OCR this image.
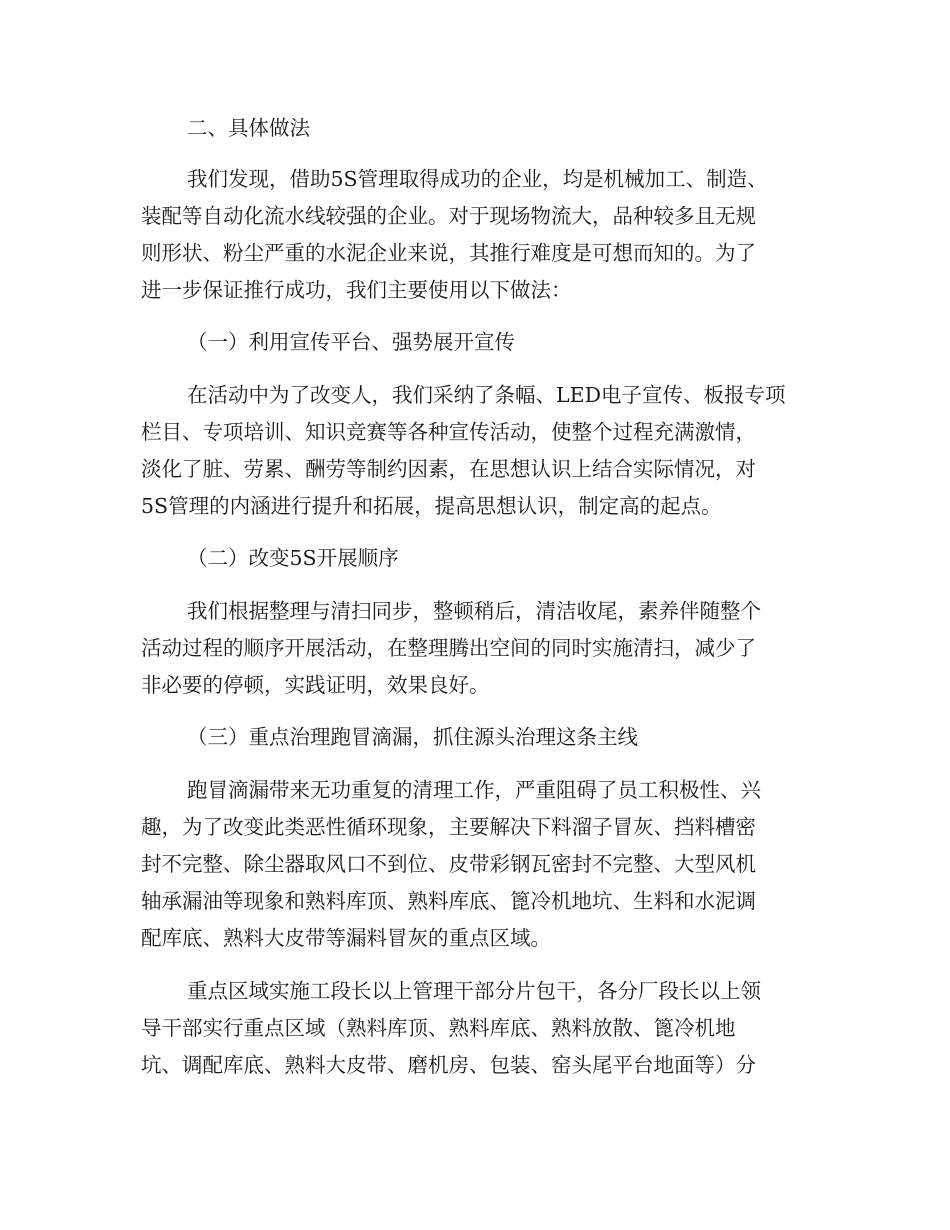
二、具体做法
我们发现，借助5S管理取得成功的企业，均是机械加工、制造、
装配等自动化流水线较强的企业。对于现场物流大，品种较多且无规
则形状、粉尘严重的水泥企业来说，其推行难度是可想而知的。为了
进一步保证推行成功，我们主要使用以下做法：
（一）利用宣传平台、强势展开宣传
在活动中为了改变人，我们采纳了条幅、LED电子宣传、板报专项
栏目、专项培训、知识竞赛等各种宣传活动，使整个过程充满激情，
淡化了脏、劳累、酬劳等制约因素，在思想认识上结合实际情况，对
5S管理的内涵进行提升和拓展，提高思想认识，制定高的起点。
（二）改变5S开展顺序
我们根据整理与清扫同步，整顿稍后，清洁收尾，素养伴随整个
活动过程的顺序开展活动，在整理腾出空间的同时实施清扫，减少了
非必要的停顿，实践证明，效果良好。
（三）重点治理跑冒滴漏，抓住源头治理这条主线
跑冒滴漏带来无功重复的清理工作，严重阻碍了员工积极性、兴
趣，为了改变此类恶性循环现象，主要解决下料溜子冒灰、挡料槽密
封不完整、除尘器取风口不到位、皮带彩钢瓦密封不完整、大型风机
轴承漏油等现象和熟料库顶、熟料库底、篦冷机地坑、生料和水泥调
配库底、熟料大皮带等漏料冒灰的重点区域。
重点区域实施工段长以上管理干部分片包干，各分厂段长以上领
导干部实行重点区域（熟料库顶、熟料库底、熟料放散、篦冷机地
坑、调配库底、熟料大皮带、磨机房、包装、窑头尾平台地面等）分
